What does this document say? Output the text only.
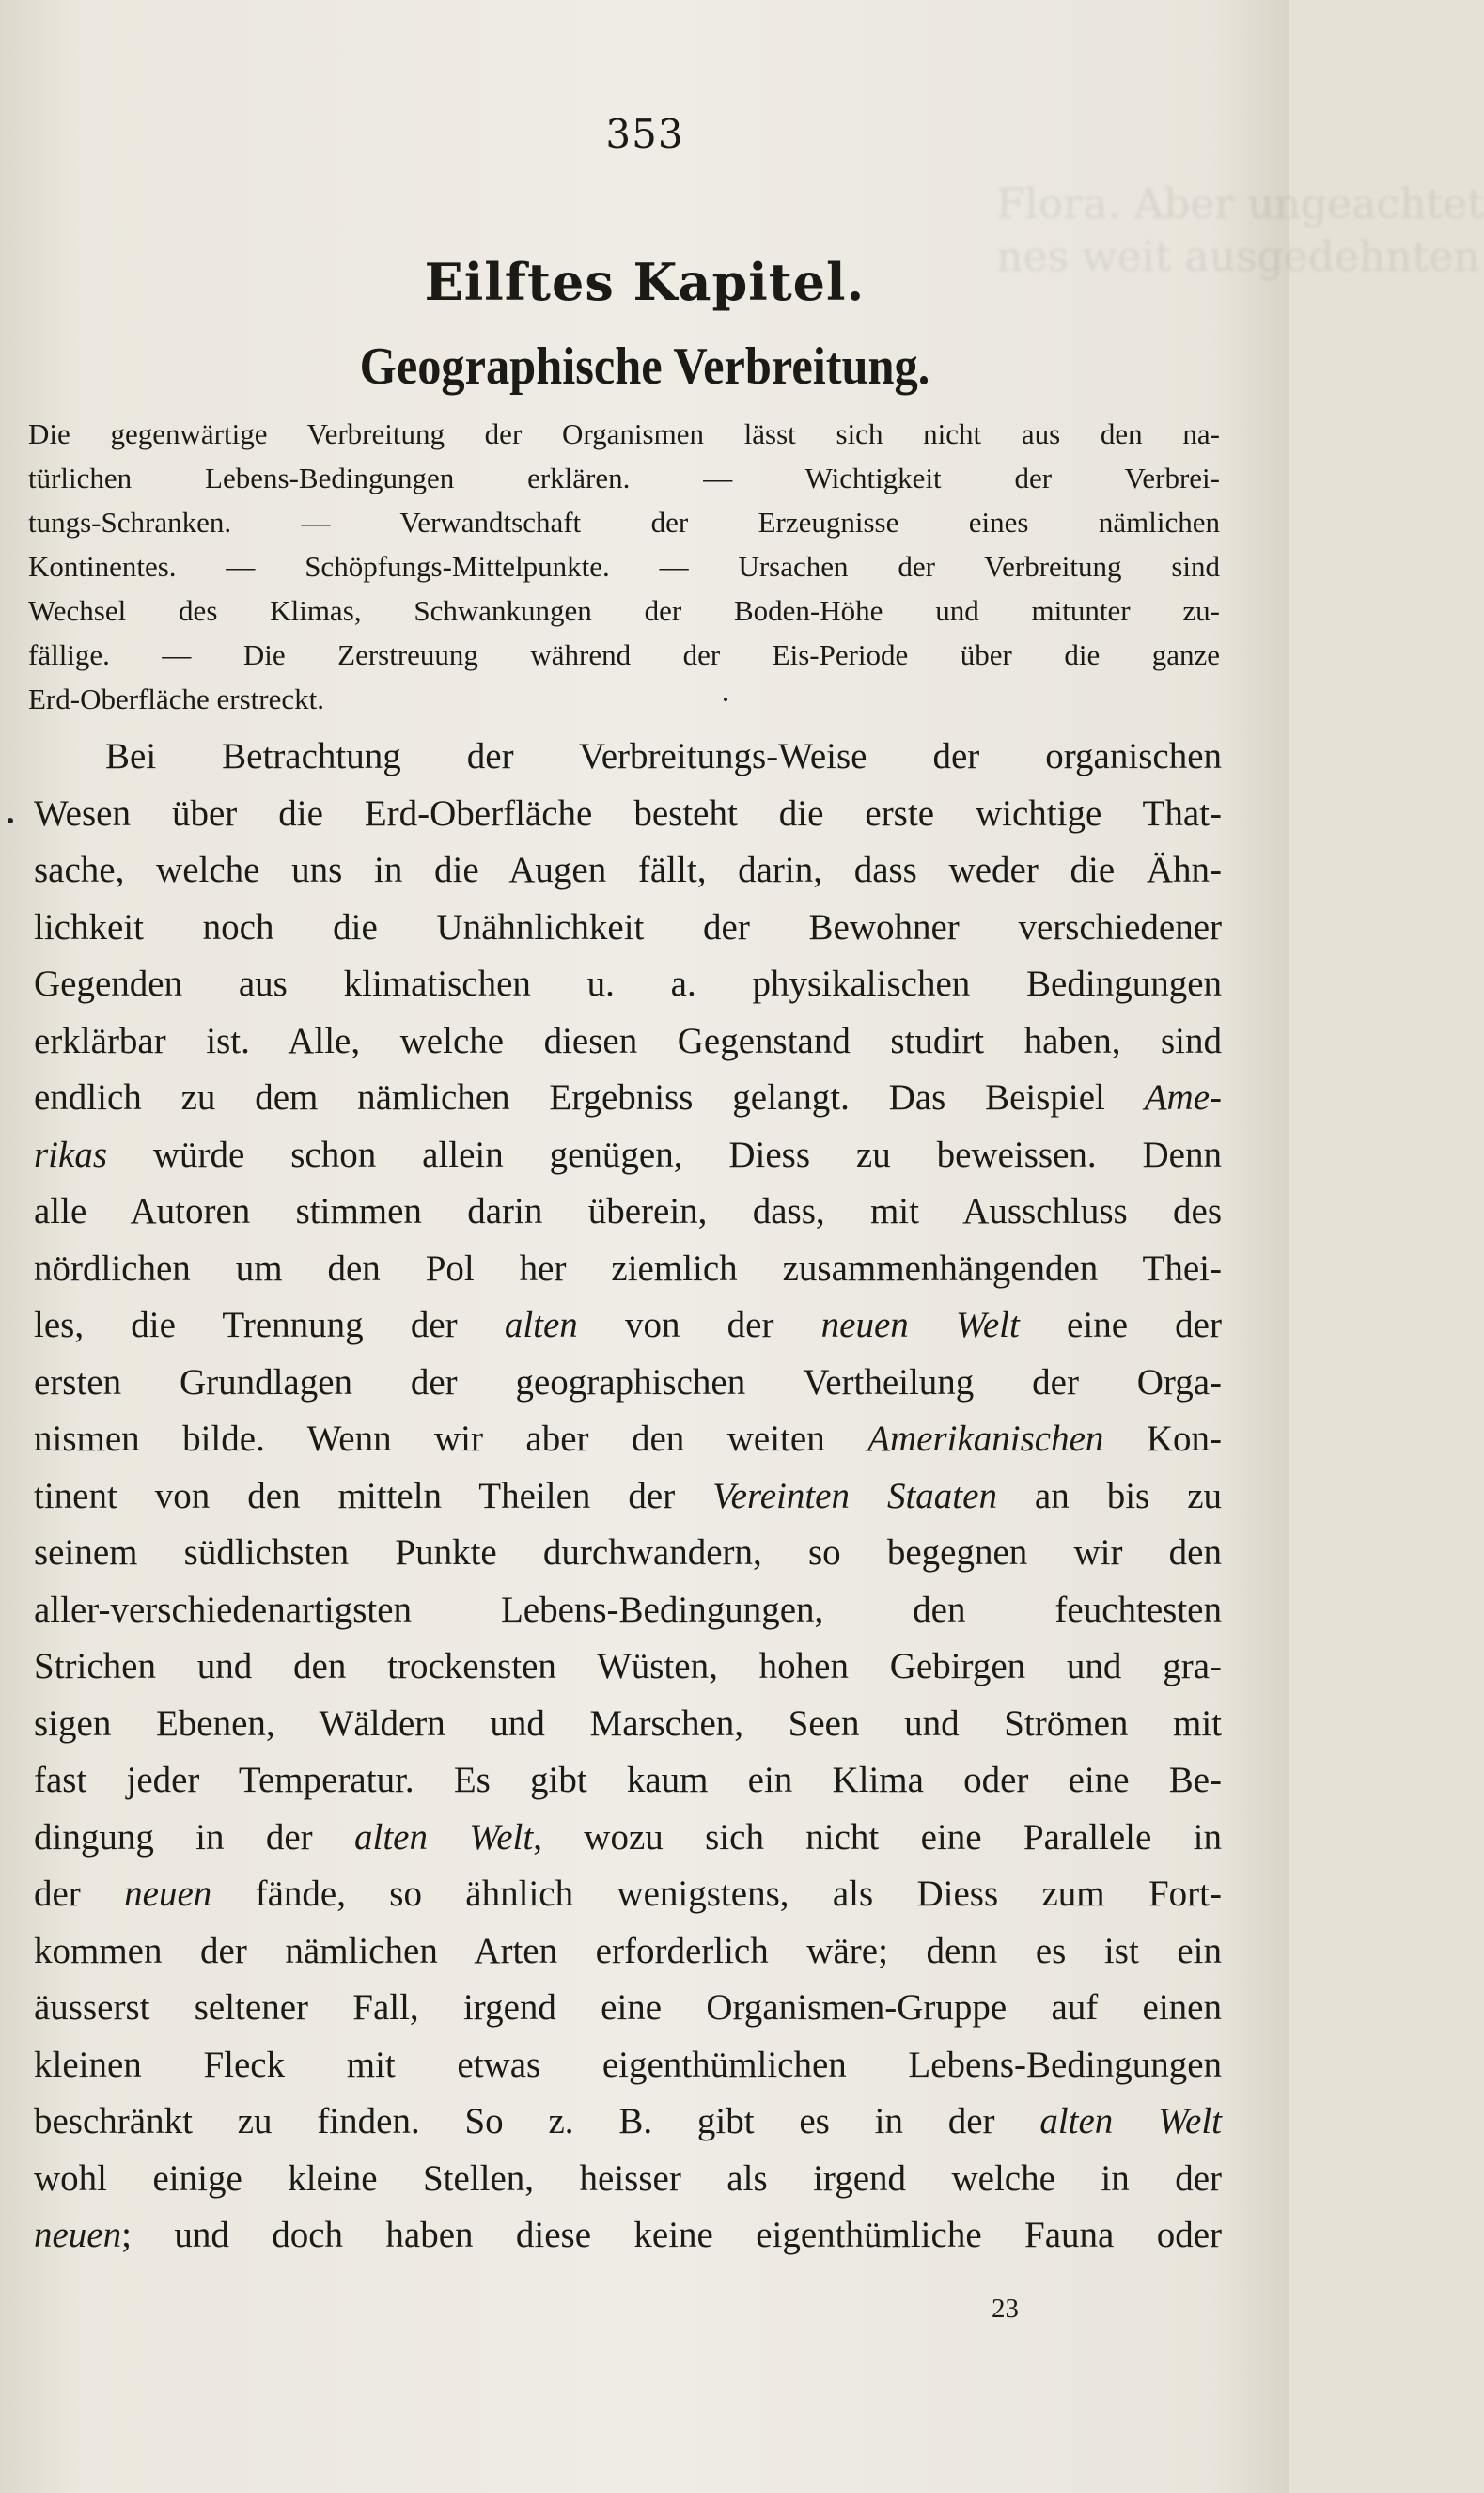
Flora. Aber ungeachtet
nes weit ausgedehnten
353
Eilftes Kapitel.
Geographische Verbreitung.
Die gegenwärtige Verbreitung der Organismen lässt sich nicht aus den na-
türlichen Lebens-Bedingungen erklären. — Wichtigkeit der Verbrei-
tungs-Schranken. — Verwandtschaft der Erzeugnisse eines nämlichen
Kontinentes. — Schöpfungs-Mittelpunkte. — Ursachen der Verbreitung sind
Wechsel des Klimas, Schwankungen der Boden-Höhe und mitunter zu-
fällige. — Die Zerstreuung während der Eis-Periode über die ganze
Erd-Oberfläche erstreckt.
Bei Betrachtung der Verbreitungs-Weise der organischen
Wesen über die Erd-Oberfläche besteht die erste wichtige That-
sache, welche uns in die Augen fällt, darin, dass weder die Ähn-
lichkeit noch die Unähnlichkeit der Bewohner verschiedener
Gegenden aus klimatischen u. a. physikalischen Bedingungen
erklärbar ist. Alle, welche diesen Gegenstand studirt haben, sind
endlich zu dem nämlichen Ergebniss gelangt. Das Beispiel Ame-
rikas würde schon allein genügen, Diess zu beweissen. Denn
alle Autoren stimmen darin überein, dass, mit Ausschluss des
nördlichen um den Pol her ziemlich zusammenhängenden Thei-
les, die Trennung der alten von der neuen Welt eine der
ersten Grundlagen der geographischen Vertheilung der Orga-
nismen bilde. Wenn wir aber den weiten Amerikanischen Kon-
tinent von den mitteln Theilen der Vereinten Staaten an bis zu
seinem südlichsten Punkte durchwandern, so begegnen wir den
aller-verschiedenartigsten Lebens-Bedingungen, den feuchtesten
Strichen und den trockensten Wüsten, hohen Gebirgen und gra-
sigen Ebenen, Wäldern und Marschen, Seen und Strömen mit
fast jeder Temperatur. Es gibt kaum ein Klima oder eine Be-
dingung in der alten Welt, wozu sich nicht eine Parallele in
der neuen fände, so ähnlich wenigstens, als Diess zum Fort-
kommen der nämlichen Arten erforderlich wäre; denn es ist ein
äusserst seltener Fall, irgend eine Organismen-Gruppe auf einen
kleinen Fleck mit etwas eigenthümlichen Lebens-Bedingungen
beschränkt zu finden. So z. B. gibt es in der alten Welt
wohl einige kleine Stellen, heisser als irgend welche in der
neuen; und doch haben diese keine eigenthümliche Fauna oder
23
